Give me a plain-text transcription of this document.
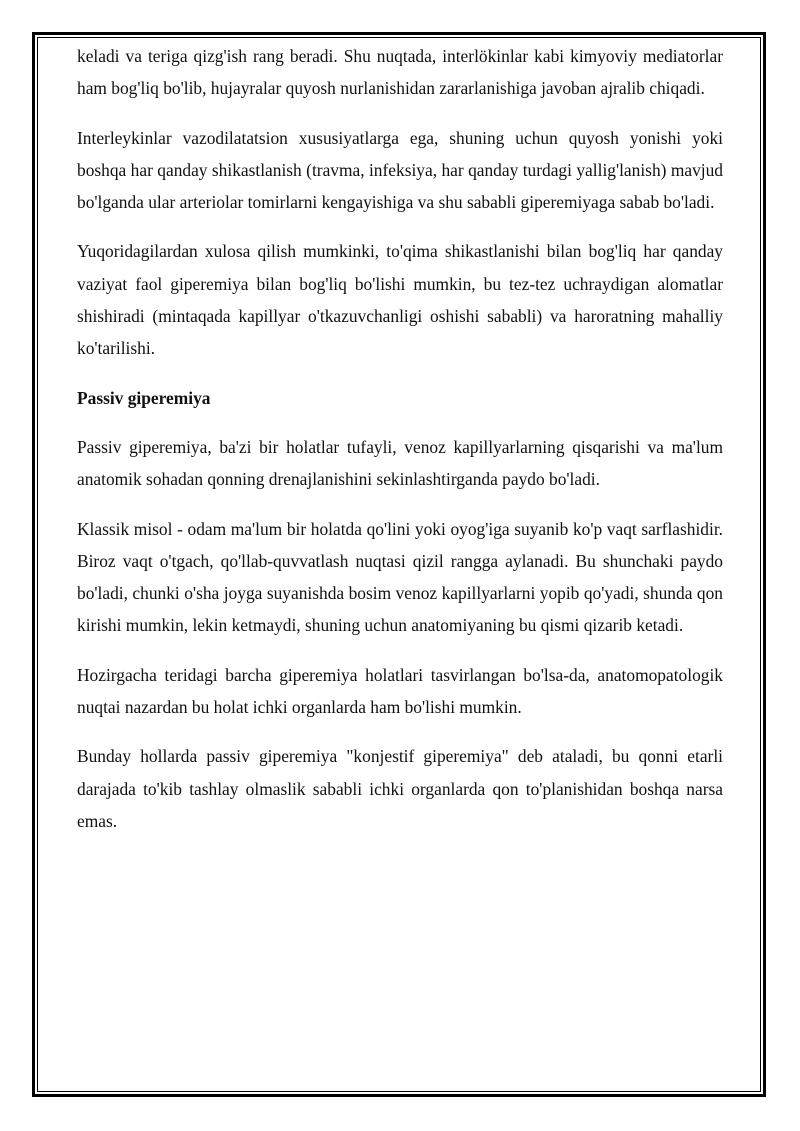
keladi va teriga qizg'ish rang beradi. Shu nuqtada, interlökinlar kabi kimyoviy mediatorlar ham bog'liq bo'lib, hujayralar quyosh nurlanishidan zararlanishiga javoban ajralib chiqadi.

Interleykinlar vazodilatatsion xususiyatlarga ega, shuning uchun quyosh yonishi yoki boshqa har qanday shikastlanish (travma, infeksiya, har qanday turdagi yallig'lanish) mavjud bo'lganda ular arteriolar tomirlarni kengayishiga va shu sababli giperemiyaga sabab bo'ladi.

Yuqoridagilardan xulosa qilish mumkinki, to'qima shikastlanishi bilan bog'liq har qanday vaziyat faol giperemiya bilan bog'liq bo'lishi mumkin, bu tez-tez uchraydigan alomatlar shishiradi (mintaqada kapillyar o'tkazuvchanligi oshishi sababli) va haroratning mahalliy ko'tarilishi.

Passiv giperemiya

Passiv giperemiya, ba'zi bir holatlar tufayli, venoz kapillyarlarning qisqarishi va ma'lum anatomik sohadan qonning drenajlanishini sekinlashtirganda paydo bo'ladi.

Klassik misol - odam ma'lum bir holatda qo'lini yoki oyog'iga suyanib ko'p vaqt sarflashidir. Biroz vaqt o'tgach, qo'llab-quvvatlash nuqtasi qizil rangga aylanadi. Bu shunchaki paydo bo'ladi, chunki o'sha joyga suyanishda bosim venoz kapillyarlarni yopib qo'yadi, shunda qon kirishi mumkin, lekin ketmaydi, shuning uchun anatomiyaning bu qismi qizarib ketadi.

Hozirgacha teridagi barcha giperemiya holatlari tasvirlangan bo'lsa-da, anatomopatologik nuqtai nazardan bu holat ichki organlarda ham bo'lishi mumkin.

Bunday hollarda passiv giperemiya "konjestif giperemiya" deb ataladi, bu qonni etarli darajada to'kib tashlay olmaslik sababli ichki organlarda qon to'planishidan boshqa narsa emas.
